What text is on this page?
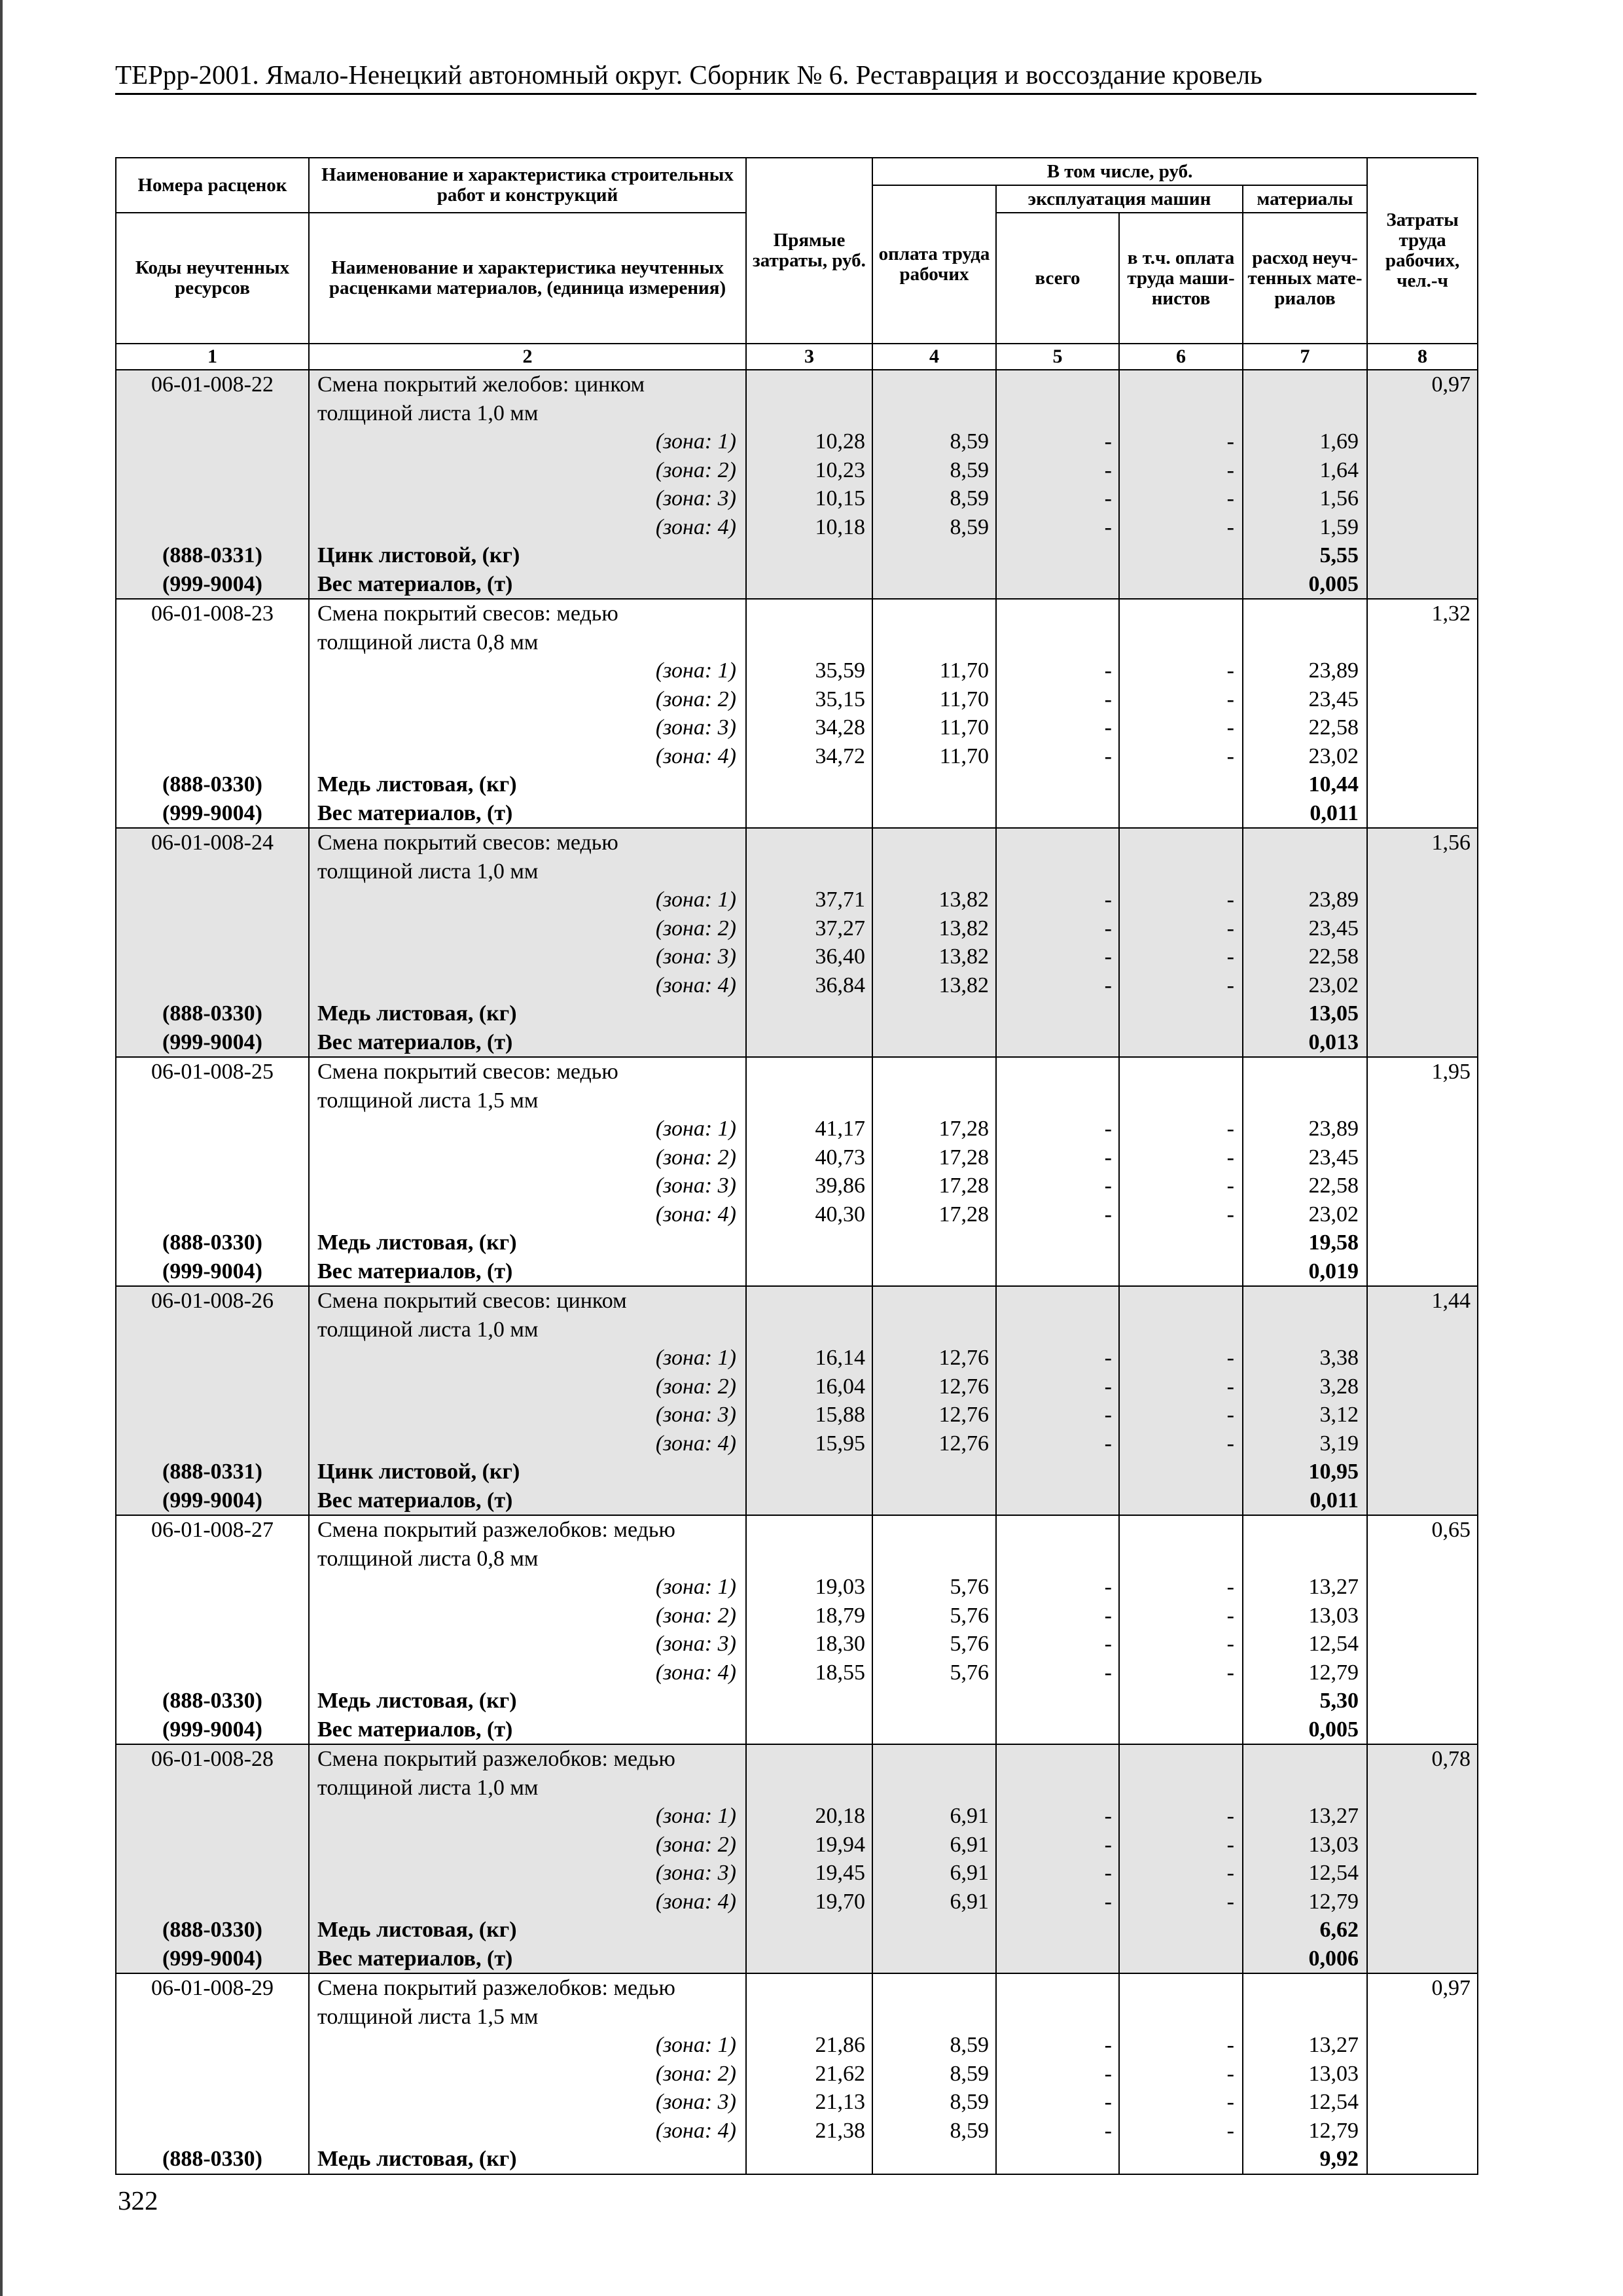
ТЕРрр-2001. Ямало-Ненецкий автономный округ. Сборник № 6. Реставрация и воссоздание кровель
Номера расценок	Наименование и характеристика строительных работ и конструкций	Прямые затраты, руб.	В том числе, руб.				Затраты труда рабочих, чел.-ч
			оплата труда рабочих	эксплуатация машин		материалы	
Коды неучтенных ресурсов	Наименование и характеристика неучтенных расценками материалов, (единица измерения)			всего	в т.ч. оплата труда маши-нистов	расход неуч-тенных мате-риалов	

1	2	3	4	5	6	7	8
06-01-008-22	Смена покрытий желобов: цинком						0,97
	толщиной листа 1,0 мм						
	(зона: 1)	10,28	8,59	-	-	1,69	
	(зона: 2)	10,23	8,59	-	-	1,64	
	(зона: 3)	10,15	8,59	-	-	1,56	
	(зона: 4)	10,18	8,59	-	-	1,59	
(888-0331)	Цинк листовой, (кг)					5,55	
(999-9004)	Вес материалов, (т)					0,005	
06-01-008-23	Смена покрытий свесов: медью						1,32
	толщиной листа 0,8 мм						
	(зона: 1)	35,59	11,70	-	-	23,89	
	(зона: 2)	35,15	11,70	-	-	23,45	
	(зона: 3)	34,28	11,70	-	-	22,58	
	(зона: 4)	34,72	11,70	-	-	23,02	
(888-0330)	Медь листовая, (кг)					10,44	
(999-9004)	Вес материалов, (т)					0,011	
06-01-008-24	Смена покрытий свесов: медью						1,56
	толщиной листа 1,0 мм						
	(зона: 1)	37,71	13,82	-	-	23,89	
	(зона: 2)	37,27	13,82	-	-	23,45	
	(зона: 3)	36,40	13,82	-	-	22,58	
	(зона: 4)	36,84	13,82	-	-	23,02	
(888-0330)	Медь листовая, (кг)					13,05	
(999-9004)	Вес материалов, (т)					0,013	
06-01-008-25	Смена покрытий свесов: медью						1,95
	толщиной листа 1,5 мм						
	(зона: 1)	41,17	17,28	-	-	23,89	
	(зона: 2)	40,73	17,28	-	-	23,45	
	(зона: 3)	39,86	17,28	-	-	22,58	
	(зона: 4)	40,30	17,28	-	-	23,02	
(888-0330)	Медь листовая, (кг)					19,58	
(999-9004)	Вес материалов, (т)					0,019	
06-01-008-26	Смена покрытий свесов: цинком						1,44
	толщиной листа 1,0 мм						
	(зона: 1)	16,14	12,76	-	-	3,38	
	(зона: 2)	16,04	12,76	-	-	3,28	
	(зона: 3)	15,88	12,76	-	-	3,12	
	(зона: 4)	15,95	12,76	-	-	3,19	
(888-0331)	Цинк листовой, (кг)					10,95	
(999-9004)	Вес материалов, (т)					0,011	
06-01-008-27	Смена покрытий разжелобков: медью						0,65
	толщиной листа 0,8 мм						
	(зона: 1)	19,03	5,76	-	-	13,27	
	(зона: 2)	18,79	5,76	-	-	13,03	
	(зона: 3)	18,30	5,76	-	-	12,54	
	(зона: 4)	18,55	5,76	-	-	12,79	
(888-0330)	Медь листовая, (кг)					5,30	
(999-9004)	Вес материалов, (т)					0,005	
06-01-008-28	Смена покрытий разжелобков: медью						0,78
	толщиной листа 1,0 мм						
	(зона: 1)	20,18	6,91	-	-	13,27	
	(зона: 2)	19,94	6,91	-	-	13,03	
	(зона: 3)	19,45	6,91	-	-	12,54	
	(зона: 4)	19,70	6,91	-	-	12,79	
(888-0330)	Медь листовая, (кг)					6,62	
(999-9004)	Вес материалов, (т)					0,006	
06-01-008-29	Смена покрытий разжелобков: медью						0,97
	толщиной листа 1,5 мм						
	(зона: 1)	21,86	8,59	-	-	13,27	
	(зона: 2)	21,62	8,59	-	-	13,03	
	(зона: 3)	21,13	8,59	-	-	12,54	
	(зона: 4)	21,38	8,59	-	-	12,79	
(888-0330)	Медь листовая, (кг)					9,92	
322
